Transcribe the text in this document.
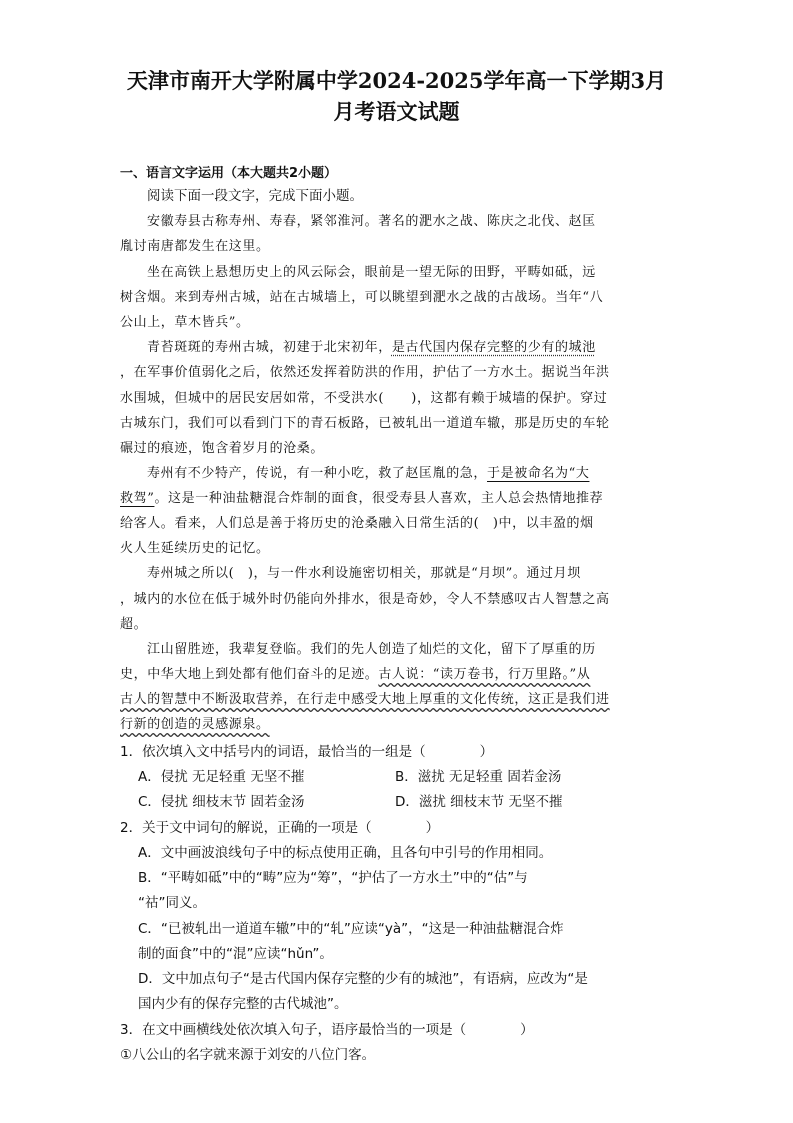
天津市南开大学附属中学2024-2025学年高一下学期3月
月考语文试题
一、语言文字运用（本大题共2小题）
阅读下面一段文字，完成下面小题。
安徽寿县古称寿州、寿春，紧邻淮河。著名的淝水之战、陈庆之北伐、赵匡
胤讨南唐都发生在这里。
坐在高铁上悬想历史上的风云际会，眼前是一望无际的田野，平畴如砥，远
树含烟。来到寿州古城，站在古城墙上，可以眺望到淝水之战的古战场。当年“八
公山上，草木皆兵”。
青苔斑斑的寿州古城，初建于北宋初年，是古代国内保存完整的少有的城池
，在军事价值弱化之后，依然还发挥着防洪的作用，护估了一方水土。据说当年洪
水围城，但城中的居民安居如常，不受洪水(　　)，这都有赖于城墙的保护。穿过
古城东门，我们可以看到门下的青石板路，已被轧出一道道车辙，那是历史的车轮
碾过的痕迹，饱含着岁月的沧桑。
寿州有不少特产，传说，有一种小吃，救了赵匡胤的急，于是被命名为“大
救驾”。这是一种油盐糖混合炸制的面食，很受寿县人喜欢，主人总会热情地推荐
给客人。看来，人们总是善于将历史的沧桑融入日常生活的(　)中，以丰盈的烟
火人生延续历史的记忆。
寿州城之所以(　)，与一件水利设施密切相关，那就是“月坝”。通过月坝
，城内的水位在低于城外时仍能向外排水，很是奇妙，令人不禁感叹古人智慧之高
超。
江山留胜迹，我辈复登临。我们的先人创造了灿烂的文化，留下了厚重的历
史，中华大地上到处都有他们奋斗的足迹。古人说：“读万卷书，行万里路。”从
古人的智慧中不断汲取营养，在行走中感受大地上厚重的文化传统，这正是我们进
行新的创造的灵感源泉。
1．依次填入文中括号内的词语，最恰当的一组是（　　　　）
A．侵扰 无足轻重 无坚不摧	B．滋扰 无足轻重 固若金汤
C．侵扰 细枝末节 固若金汤	D．滋扰 细枝末节 无坚不摧
2．关于文中词句的解说，正确的一项是（　　　　）
A．文中画波浪线句子中的标点使用正确，且各句中引号的作用相同。
B．“平畴如砥”中的“畴”应为“筹”，“护估了一方水土”中的“估”与
“祜”同义。
C．“已被轧出一道道车辙”中的“轧”应读“yà”，“这是一种油盐糖混合炸
制的面食”中的“混”应读“hǔn”。
D．文中加点句子“是古代国内保存完整的少有的城池”，有语病，应改为“是
国内少有的保存完整的古代城池”。
3．在文中画横线处依次填入句子，语序最恰当的一项是（　　　　）
①八公山的名字就来源于刘安的八位门客。
